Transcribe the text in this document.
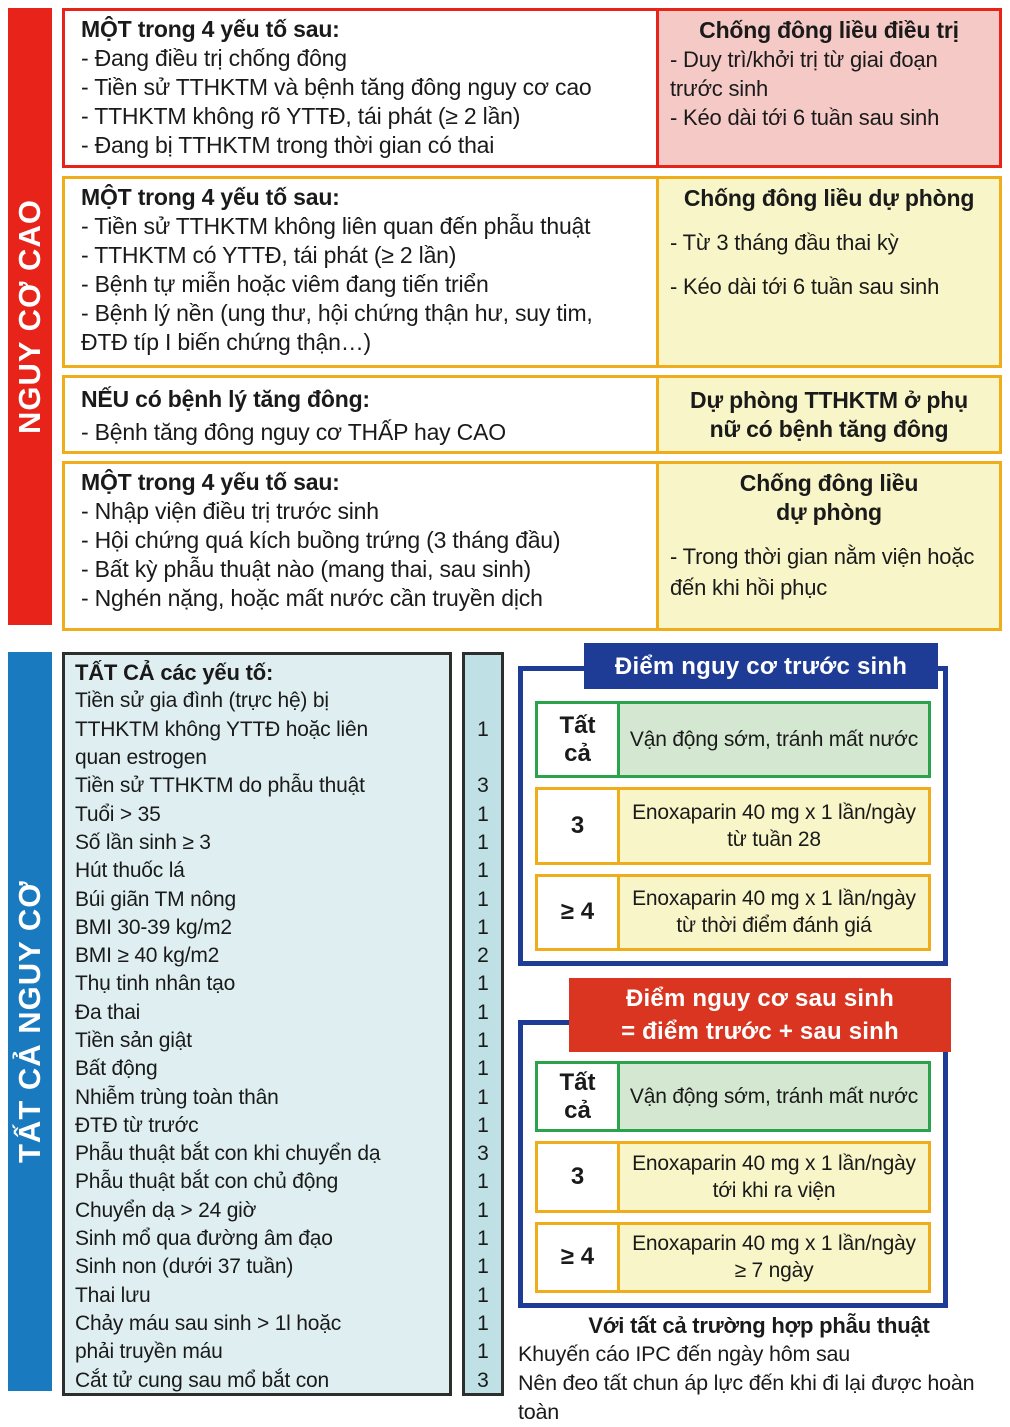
NGUY CƠ CAO
TẤT CẢ NGUY CƠ
MỘT trong 4 yếu tố sau:
- Đang điều trị chống đông
- Tiền sử TTHKTM và bệnh tăng đông nguy cơ cao
- TTHKTM không rõ YTTĐ, tái phát (≥ 2 lần)
- Đang bị TTHKTM trong thời gian có thai
Chống đông liều điều trị
- Duy trì/khởi trị từ giai đoạn trước sinh
- Kéo dài tới 6 tuần sau sinh
MỘT trong 4 yếu tố sau:
- Tiền sử TTHKTM không liên quan đến phẫu thuật
- TTHKTM có YTTĐ, tái phát (≥ 2 lần)
- Bệnh tự miễn hoặc viêm đang tiến triển
- Bệnh lý nền (ung thư, hội chứng thận hư, suy tim, ĐTĐ típ I biến chứng thận…)
Chống đông liều dự phòng
- Từ 3 tháng đầu thai kỳ
- Kéo dài tới 6 tuần sau sinh
NẾU có bệnh lý tăng đông:
- Bệnh tăng đông nguy cơ THẤP hay CAO
Dự phòng TTHKTM ở phụ
nữ có bệnh tăng đông
MỘT trong 4 yếu tố sau:
- Nhập viện điều trị trước sinh
- Hội chứng quá kích buồng trứng (3 tháng đầu)
- Bất kỳ phẫu thuật nào (mang thai, sau sinh)
- Nghén nặng, hoặc mất nước cần truyền dịch
Chống đông liều
dự phòng
- Trong thời gian nằm viện hoặc đến khi hồi phục
TẤT CẢ các yếu tố:
Tiền sử gia đình (trực hệ) bị
TTHKTM không YTTĐ hoặc liên	1
quan estrogen
Tiền sử TTHKTM do phẫu thuật	3
Tuổi > 35	1
Số lần sinh ≥ 3	1
Hút thuốc lá	1
Búi giãn TM nông	1
BMI 30-39 kg/m2	1
BMI ≥ 40 kg/m2	2
Thụ tinh nhân tạo	1
Đa thai	1
Tiền sản giật	1
Bất động	1
Nhiễm trùng toàn thân	1
ĐTĐ từ trước	1
Phẫu thuật bắt con khi chuyển dạ	3
Phẫu thuật bắt con chủ động	1
Chuyển dạ > 24 giờ	1
Sinh mổ qua đường âm đạo	1
Sinh non (dưới 37 tuần)	1
Thai lưu	1
Chảy máu sau sinh > 1l hoặc	1
phải truyền máu	1
Cắt tử cung sau mổ bắt con	3
Điểm nguy cơ trước sinh
Tất cả	Vận động sớm, tránh mất nước
3	Enoxaparin 40 mg x 1 lần/ngày
từ tuần 28
≥ 4	Enoxaparin 40 mg x 1 lần/ngày
từ thời điểm đánh giá
Điểm nguy cơ sau sinh
= điểm trước + sau sinh
Tất cả	Vận động sớm, tránh mất nước
3	Enoxaparin 40 mg x 1 lần/ngày
tới khi ra viện
≥ 4	Enoxaparin 40 mg x 1 lần/ngày
≥ 7 ngày
Với tất cả trường hợp phẫu thuật
Khuyến cáo IPC đến ngày hôm sau
Nên đeo tất chun áp lực đến khi đi lại được hoàn toàn
